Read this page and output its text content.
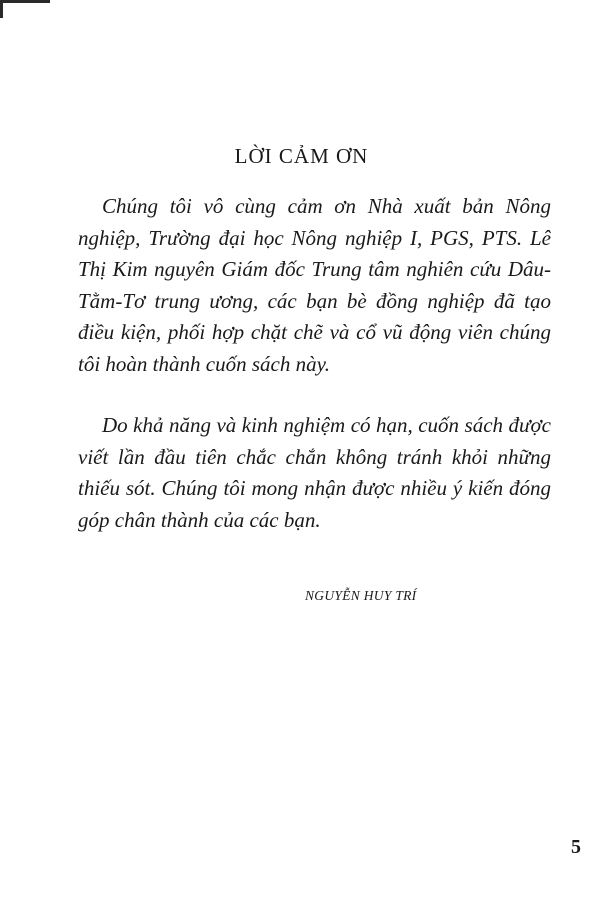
LỜI CẢM ƠN

Chúng tôi vô cùng cảm ơn Nhà xuất bản Nông nghiệp, Trường đại học Nông nghiệp I, PGS, PTS. Lê Thị Kim nguyên Giám đốc Trung tâm nghiên cứu Dâu-Tằm-Tơ trung ương, các bạn bè đồng nghiệp đã tạo điều kiện, phối hợp chặt chẽ và cổ vũ động viên chúng tôi hoàn thành cuốn sách này.

Do khả năng và kinh nghiệm có hạn, cuốn sách được viết lần đầu tiên chắc chắn không tránh khỏi những thiếu sót. Chúng tôi mong nhận được nhiều ý kiến đóng góp chân thành của các bạn.

NGUYỄN HUY TRÍ
5
